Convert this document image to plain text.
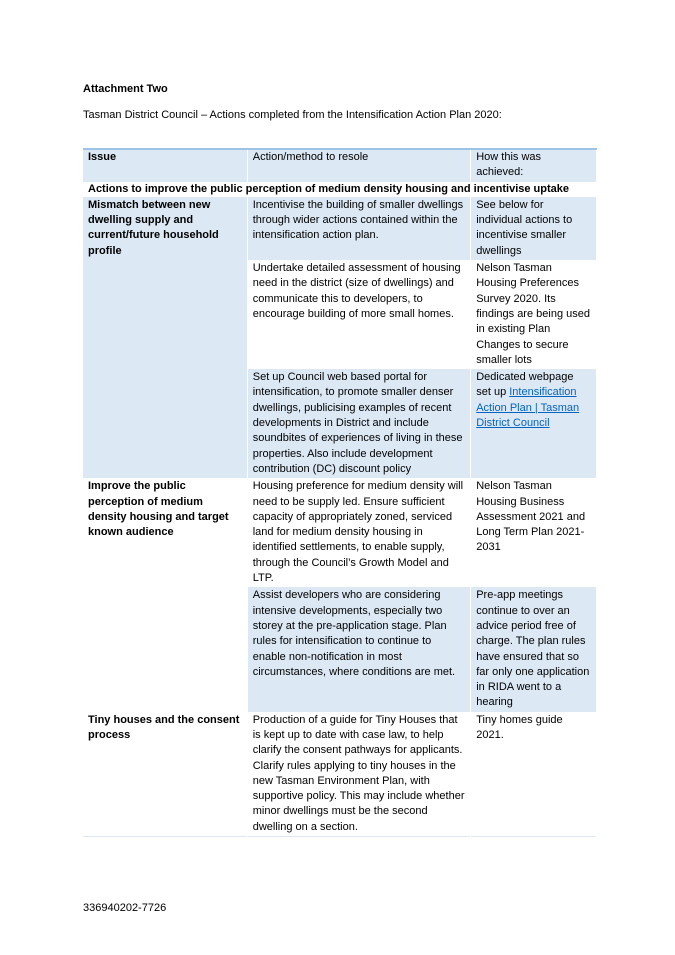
Attachment Two
Tasman District Council – Actions completed from the Intensification Action Plan 2020:
Issue	Action/method to resole	How this was achieved:
Actions to improve the public perception of medium density housing and incentivise uptake		
Mismatch between new dwelling supply and current/future household profile	Incentivise the building of smaller dwellings through wider actions contained within the intensification action plan.	See below for individual actions to incentivise smaller dwellings
	Undertake detailed assessment of housing need in the district (size of dwellings) and communicate this to developers, to encourage building of more small homes.	Nelson Tasman Housing Preferences Survey 2020. Its findings are being used in existing Plan Changes to secure smaller lots
	Set up Council web based portal for intensification, to promote smaller denser dwellings, publicising examples of recent developments in District and include soundbites of experiences of living in these properties. Also include development contribution (DC) discount policy	Dedicated webpage set up Intensification Action Plan | Tasman District Council
Improve the public perception of medium density housing and target known audience	Housing preference for medium density will need to be supply led. Ensure sufficient capacity of appropriately zoned, serviced land for medium density housing in identified settlements, to enable supply, through the Council’s Growth Model and LTP.	Nelson Tasman Housing Business Assessment 2021 and Long Term Plan 2021-2031
	Assist developers who are considering intensive developments, especially two storey at the pre-application stage. Plan rules for intensification to continue to enable non-notification in most circumstances, where conditions are met.	Pre-app meetings continue to over an advice period free of charge. The plan rules have ensured that so far only one application in RIDA went to a hearing
Tiny houses and the consent process	Production of a guide for Tiny Houses that is kept up to date with case law, to help clarify the consent pathways for applicants. Clarify rules applying to tiny houses in the new Tasman Environment Plan, with supportive policy. This may include whether minor dwellings must be the second dwelling on a section.	Tiny homes guide 2021.
336940202-7726
